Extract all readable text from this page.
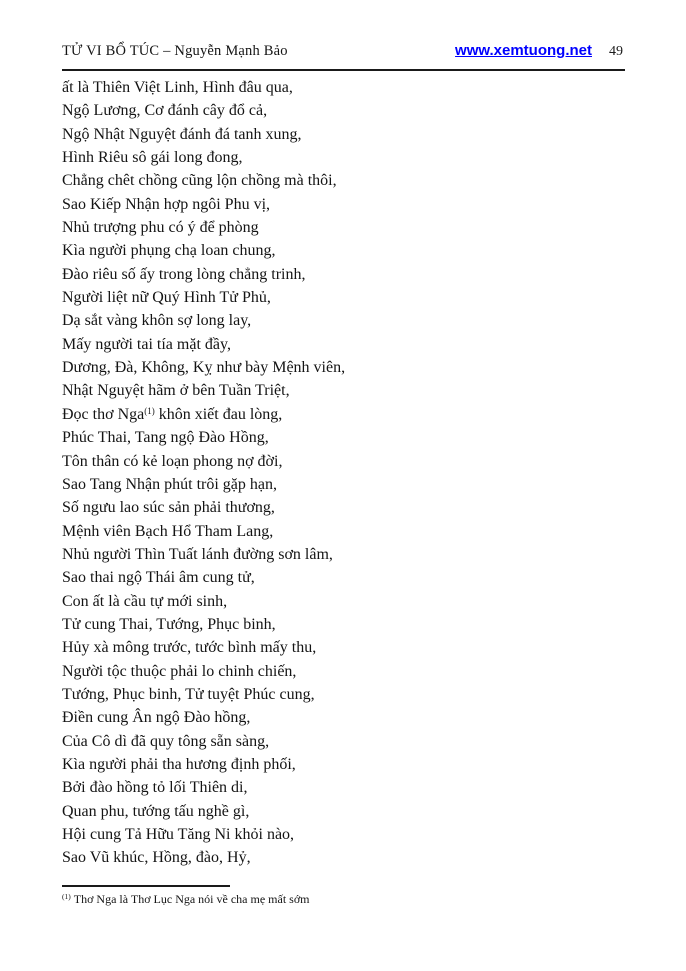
TỬ VI BỔ TÚC – Nguyễn Mạnh Bảo	www.xemtuong.net 49
ất là Thiên Việt Linh, Hình đâu qua,
Ngộ Lương, Cơ đánh cây đổ cả,
Ngộ Nhật Nguyệt đánh đá tanh xung,
Hình Riêu sô gái long đong,
Chẳng chêt chồng cũng lộn chồng mà thôi,
Sao Kiếp Nhận hợp ngôi Phu vị,
Nhủ trượng phu có ý để phòng
Kìa người phụng chạ loan chung,
Đào riêu số ấy trong lòng chẳng trinh,
Người liệt nữ Quý Hình Tử Phủ,
Dạ sắt vàng khôn sợ long lay,
Mấy người tai tía mặt đầy,
Dương, Đà, Không, Kỵ như bày Mệnh viên,
Nhật Nguyệt hãm ở bên Tuần Triệt,
Đọc thơ Nga$^{(1)}$ khôn xiết đau lòng,
Phúc Thai, Tang ngộ Đào Hồng,
Tôn thân có kẻ loạn phong nợ đời,
Sao Tang Nhận phút trôi gặp hạn,
Số ngưu lao súc sản phải thương,
Mệnh viên Bạch Hổ Tham Lang,
Nhủ người Thìn Tuất lánh đường sơn lâm,
Sao thai ngộ Thái âm cung tử,
Con ất là cầu tự mới sinh,
Tử cung Thai, Tướng, Phục binh,
Hủy xà mông trước, tước bình mấy thu,
Người tộc thuộc phải lo chinh chiến,
Tướng, Phục binh, Tử tuyệt Phúc cung,
Điền cung Ân ngộ Đào hồng,
Của Cô dì đã quy tông sẵn sàng,
Kìa người phải tha hương định phối,
Bởi đào hồng tỏ lối Thiên di,
Quan phu, tướng tấu nghề gì,
Hội cung Tả Hữu Tăng Ni khỏi nào,
Sao Vũ khúc, Hồng, đào, Hỷ,
$^{(1)}$ Thơ Nga là Thơ Lục Nga nói về cha mẹ mất sớm
